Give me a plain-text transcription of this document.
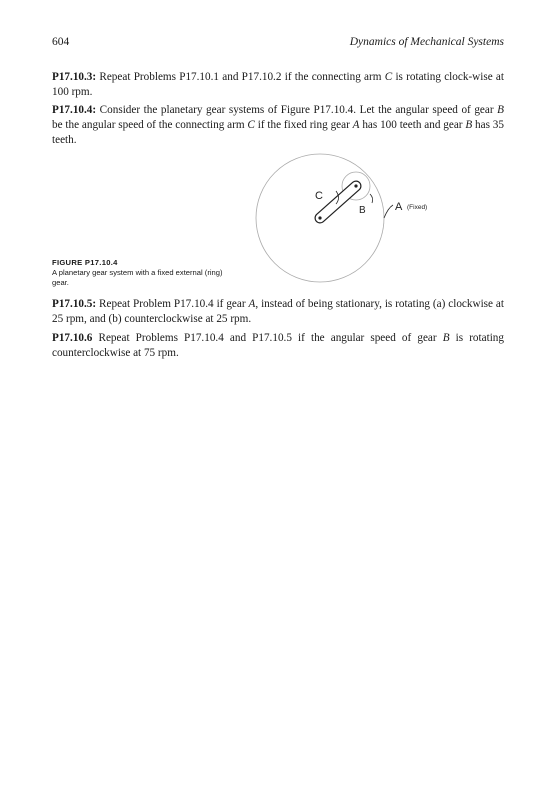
604	Dynamics of Mechanical Systems

P17.10.3: Repeat Problems P17.10.1 and P17.10.2 if the connecting arm C is rotating clock-wise at 100 rpm.

P17.10.4: Consider the planetary gear systems of Figure P17.10.4. Let the angular speed of gear B be the angular speed of the connecting arm C if the fixed ring gear A has 100 teeth and gear B has 35 teeth.

FIGURE P17.10.4
A planetary gear system with a fixed external (ring) gear.
C
B	A (Fixed)

P17.10.5: Repeat Problem P17.10.4 if gear A, instead of being stationary, is rotating (a) clockwise at 25 rpm, and (b) counterclockwise at 25 rpm.

P17.10.6 Repeat Problems P17.10.4 and P17.10.5 if the angular speed of gear B is rotating counterclockwise at 75 rpm.
